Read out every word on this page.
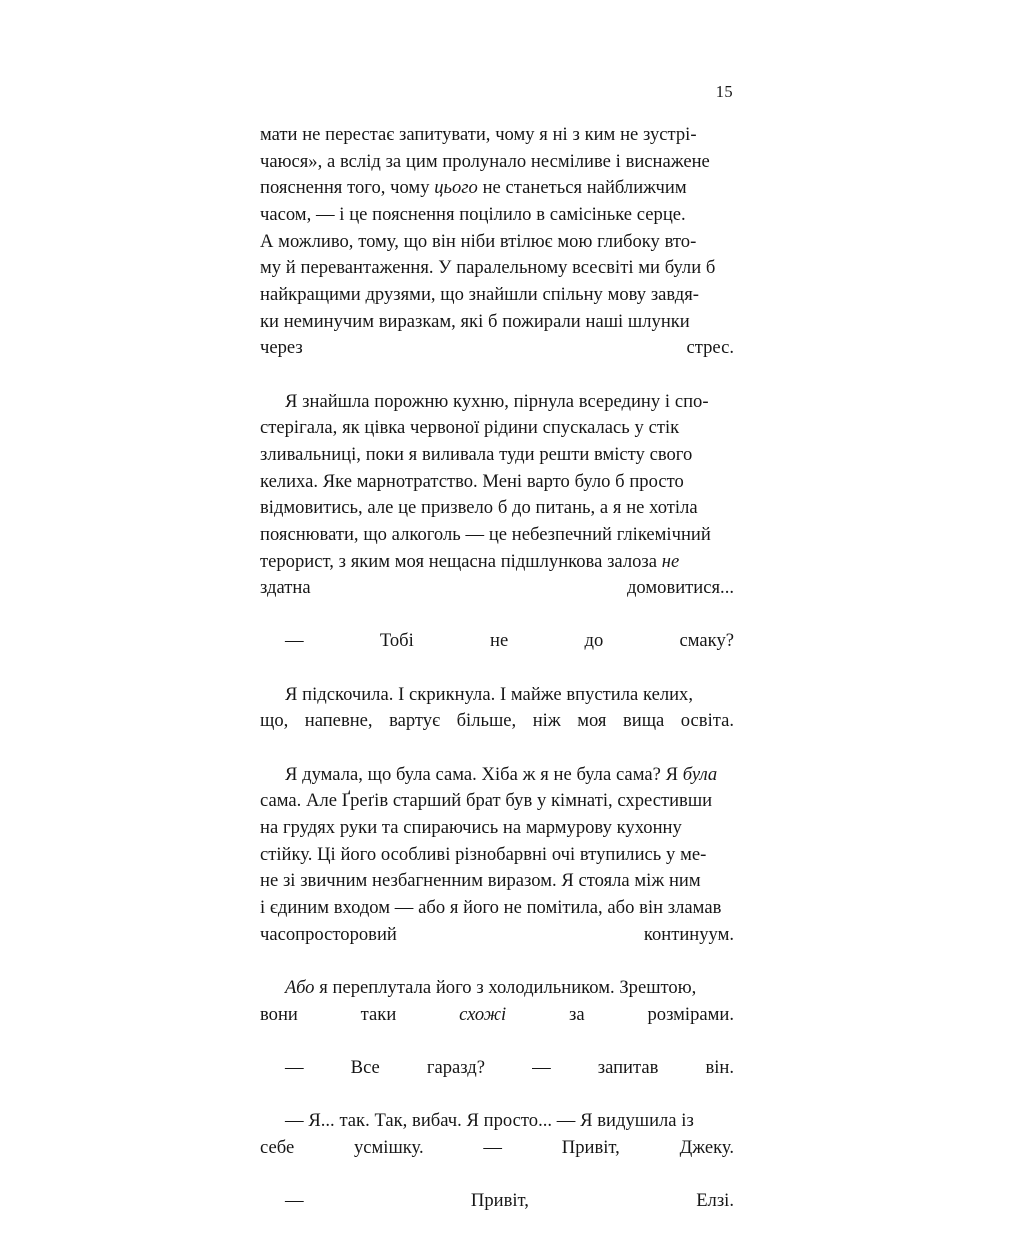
15

мати не перестає запитувати, чому я ні з ким не зустрі-
чаюся», а вслід за цим пролунало несміливе і виснажене
пояснення того, чому цього не станеться найближчим
часом, — і це пояснення поцілило в самісіньке серце.
А можливо, тому, що він ніби втілює мою глибоку вто-
му й перевантаження. У паралельному всесвіті ми були б
найкращими друзями, що знайшли спільну мову завдя-
ки неминучим виразкам, які б пожирали наші шлунки
через стрес.

Я знайшла порожню кухню, пірнула всередину і спо-
стерігала, як цівка червоної рідини спускалась у стік
зливальниці, поки я виливала туди решти вмісту свого
келиха. Яке марнотратство. Мені варто було б просто
відмовитись, але це призвело б до питань, а я не хотіла
пояснювати, що алкоголь — це небезпечний глікемічний
терорист, з яким моя нещасна підшлункова залоза не
здатна домовитися...

— Тобі не до смаку?

Я підскочила. І скрикнула. І майже впустила келих,
що, напевне, вартує більше, ніж моя вища освіта.

Я думала, що була сама. Хіба ж я не була сама? Я була
сама. Але Ґреґів старший брат був у кімнаті, схрестивши
на грудях руки та спираючись на мармурову кухонну
стійку. Ці його особливі різнобарвні очі втупились у ме-
не зі звичним незбагненним виразом. Я стояла між ним
і єдиним входом — або я його не помітила, або він зламав
часопросторовий континуум.

Або я переплутала його з холодильником. Зрештою,
вони таки схожі за розмірами.

— Все гаразд? — запитав він.

— Я... так. Так, вибач. Я просто... — Я видушила із
себе усмішку. — Привіт, Джеку.

— Привіт, Елзі.
